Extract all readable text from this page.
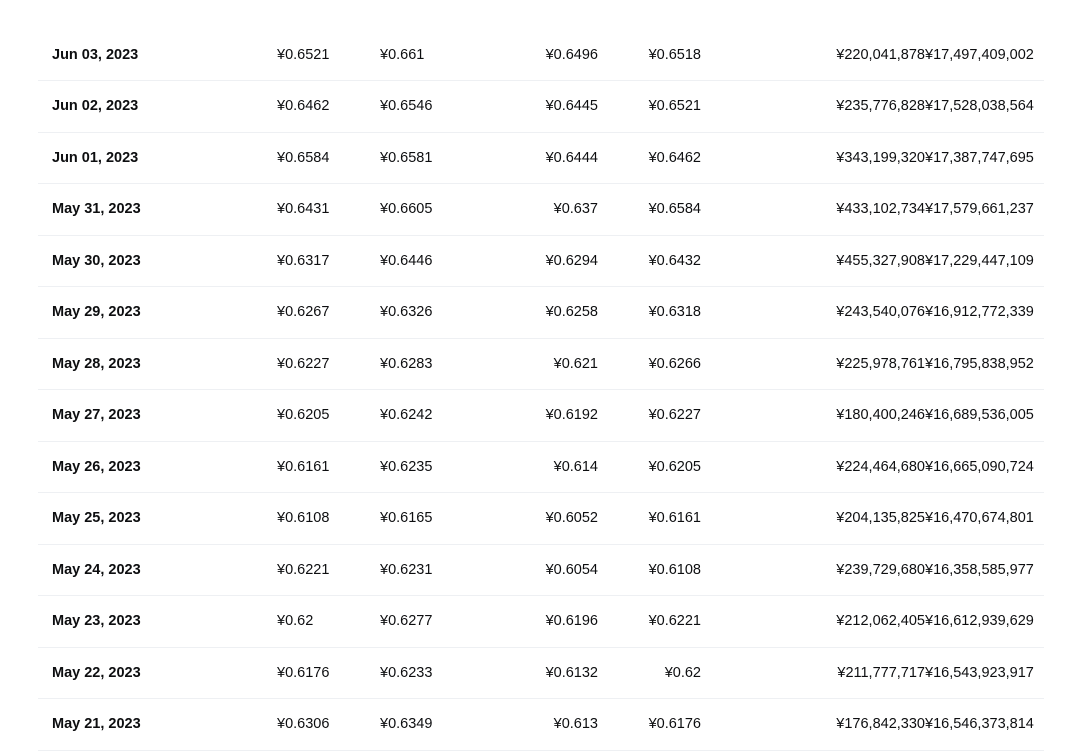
Jun 03, 2023	¥0.6521	¥0.661	¥0.6496	¥0.6518	¥220,041,878	¥17,497,409,002
Jun 02, 2023	¥0.6462	¥0.6546	¥0.6445	¥0.6521	¥235,776,828	¥17,528,038,564
Jun 01, 2023	¥0.6584	¥0.6581	¥0.6444	¥0.6462	¥343,199,320	¥17,387,747,695
May 31, 2023	¥0.6431	¥0.6605	¥0.637	¥0.6584	¥433,102,734	¥17,579,661,237
May 30, 2023	¥0.6317	¥0.6446	¥0.6294	¥0.6432	¥455,327,908	¥17,229,447,109
May 29, 2023	¥0.6267	¥0.6326	¥0.6258	¥0.6318	¥243,540,076	¥16,912,772,339
May 28, 2023	¥0.6227	¥0.6283	¥0.621	¥0.6266	¥225,978,761	¥16,795,838,952
May 27, 2023	¥0.6205	¥0.6242	¥0.6192	¥0.6227	¥180,400,246	¥16,689,536,005
May 26, 2023	¥0.6161	¥0.6235	¥0.614	¥0.6205	¥224,464,680	¥16,665,090,724
May 25, 2023	¥0.6108	¥0.6165	¥0.6052	¥0.6161	¥204,135,825	¥16,470,674,801
May 24, 2023	¥0.6221	¥0.6231	¥0.6054	¥0.6108	¥239,729,680	¥16,358,585,977
May 23, 2023	¥0.62	¥0.6277	¥0.6196	¥0.6221	¥212,062,405	¥16,612,939,629
May 22, 2023	¥0.6176	¥0.6233	¥0.6132	¥0.62	¥211,777,717	¥16,543,923,917
May 21, 2023	¥0.6306	¥0.6349	¥0.613	¥0.6176	¥176,842,330	¥16,546,373,814
